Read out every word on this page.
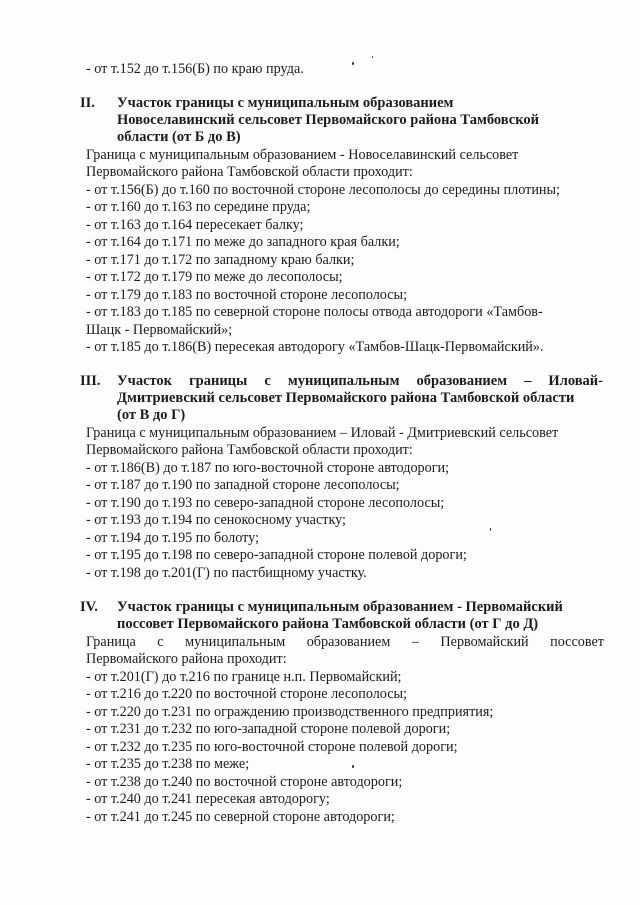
- от т.152 до т.156(Б) по краю пруда.
II. Участок границы с муниципальным образованием
Новоселавинский сельсовет Первомайского района Тамбовской
области (от Б до В)
Граница с муниципальным образованием - Новоселавинский сельсовет
Первомайского района Тамбовской области проходит:
- от т.156(Б) до т.160 по восточной стороне лесополосы до середины плотины;
- от т.160 до т.163 по середине пруда;
- от т.163 до т.164 пересекает балку;
- от т.164 до т.171 по меже до западного края балки;
- от т.171 до т.172 по западному краю балки;
- от т.172 до т.179 по меже до лесополосы;
- от т.179 до т.183 по восточной стороне лесополосы;
- от т.183 до т.185 по северной стороне полосы отвода автодороги «Тамбов-
Шацк - Первомайский»;
- от т.185 до т.186(В) пересекая автодорогу «Тамбов-Шацк-Первомайский».
III. Участок границы с муниципальным образованием – Иловай-
Дмитриевский сельсовет Первомайского района Тамбовской области
(от В до Г)
Граница с муниципальным образованием – Иловай - Дмитриевский сельсовет
Первомайского района Тамбовской области проходит:
- от т.186(В) до т.187 по юго-восточной стороне автодороги;
- от т.187 до т.190 по западной стороне лесополосы;
- от т.190 до т.193 по северо-западной стороне лесополосы;
- от т.193 до т.194 по сенокосному участку;
- от т.194 до т.195 по болоту;
- от т.195 до т.198 по северо-западной стороне полевой дороги;
- от т.198 до т.201(Г) по пастбищному участку.
IV. Участок границы с муниципальным образованием - Первомайский
поссовет Первомайского района Тамбовской области (от Г до Д)
Граница с муниципальным образованием – Первомайский поссовет
Первомайского района проходит:
- от т.201(Г) до т.216 по границе н.п. Первомайский;
- от т.216 до т.220 по восточной стороне лесополосы;
- от т.220 до т.231 по ограждению производственного предприятия;
- от т.231 до т.232 по юго-западной стороне полевой дороги;
- от т.232 до т.235 по юго-восточной стороне полевой дороги;
- от т.235 до т.238 по меже;
- от т.238 до т.240 по восточной стороне автодороги;
- от т.240 до т.241 пересекая автодорогу;
- от т.241 до т.245 по северной стороне автодороги;
